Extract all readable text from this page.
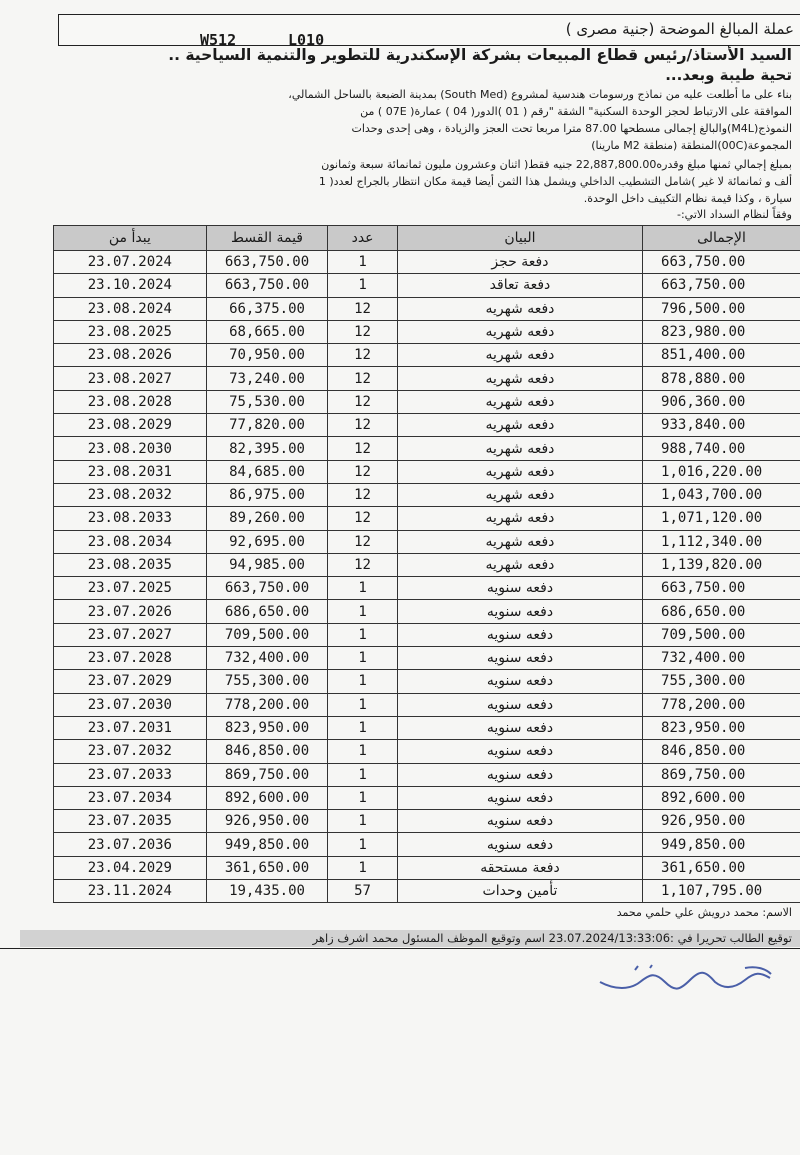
عملة المبالغ الموضحة (جنية مصرى )
W512	L010
السيد الأستاذ/رئيس قطاع المبيعات بشركة الإسكندرية للتطوير والتنمية السياحية ..
تحية طيبة وبعد...
بناء على ما أطلعت عليه من نماذج ورسومات هندسية لمشروع (South Med) بمدينة الضبعة بالساحل الشمالي،
الموافقة على الارتباط لحجز الوحدة السكنية" الشقة "رقم ( 01 )الدور( 04 ) عمارة( 07E ) من
النموذج(M4L)والبالغ إجمالى مسطحها 87.00 مترا مربعا تحت العجز والزيادة ، وهى إحدى وحدات
المجموعة(00C)المنطقة (منطقة M2 مارينا)
بمبلغ إجمالي ثمنها مبلغ وقدره22,887,800.00 جنيه فقط( اثنان وعشرون مليون ثمانمائة سبعة وثمانون
ألف و ثمانمائة لا غير )شامل التشطيب الداخلي ويشمل هذا الثمن أيضا قيمة مكان انتظار بالجراج لعدد( 1
سيارة ، وكذا قيمة نظام التكييف داخل الوحدة.
وفقاً لنظام السداد الاتي:-
يبدأ من	قيمة القسط	عدد	البيان	الإجمالى
23.07.2024	663,750.00	1	دفعة حجز	663,750.00
23.10.2024	663,750.00	1	دفعة تعاقد	663,750.00
23.08.2024	66,375.00	12	دفعه شهريه	796,500.00
23.08.2025	68,665.00	12	دفعه شهريه	823,980.00
23.08.2026	70,950.00	12	دفعه شهريه	851,400.00
23.08.2027	73,240.00	12	دفعه شهريه	878,880.00
23.08.2028	75,530.00	12	دفعه شهريه	906,360.00
23.08.2029	77,820.00	12	دفعه شهريه	933,840.00
23.08.2030	82,395.00	12	دفعه شهريه	988,740.00
23.08.2031	84,685.00	12	دفعه شهريه	1,016,220.00
23.08.2032	86,975.00	12	دفعه شهريه	1,043,700.00
23.08.2033	89,260.00	12	دفعه شهريه	1,071,120.00
23.08.2034	92,695.00	12	دفعه شهريه	1,112,340.00
23.08.2035	94,985.00	12	دفعه شهريه	1,139,820.00
23.07.2025	663,750.00	1	دفعه سنويه	663,750.00
23.07.2026	686,650.00	1	دفعه سنويه	686,650.00
23.07.2027	709,500.00	1	دفعه سنويه	709,500.00
23.07.2028	732,400.00	1	دفعه سنويه	732,400.00
23.07.2029	755,300.00	1	دفعه سنويه	755,300.00
23.07.2030	778,200.00	1	دفعه سنويه	778,200.00
23.07.2031	823,950.00	1	دفعه سنويه	823,950.00
23.07.2032	846,850.00	1	دفعه سنويه	846,850.00
23.07.2033	869,750.00	1	دفعه سنويه	869,750.00
23.07.2034	892,600.00	1	دفعه سنويه	892,600.00
23.07.2035	926,950.00	1	دفعه سنويه	926,950.00
23.07.2036	949,850.00	1	دفعه سنويه	949,850.00
23.04.2029	361,650.00	1	دفعة مستحقه	361,650.00
23.11.2024	19,435.00	57	تأمين وحدات	1,107,795.00
الاسم: محمد درويش علي حلمي محمد
توقيع الطالب تحريرا في :23.07.2024/13:33:06 اسم وتوقيع الموظف المسئول محمد اشرف زاهر
